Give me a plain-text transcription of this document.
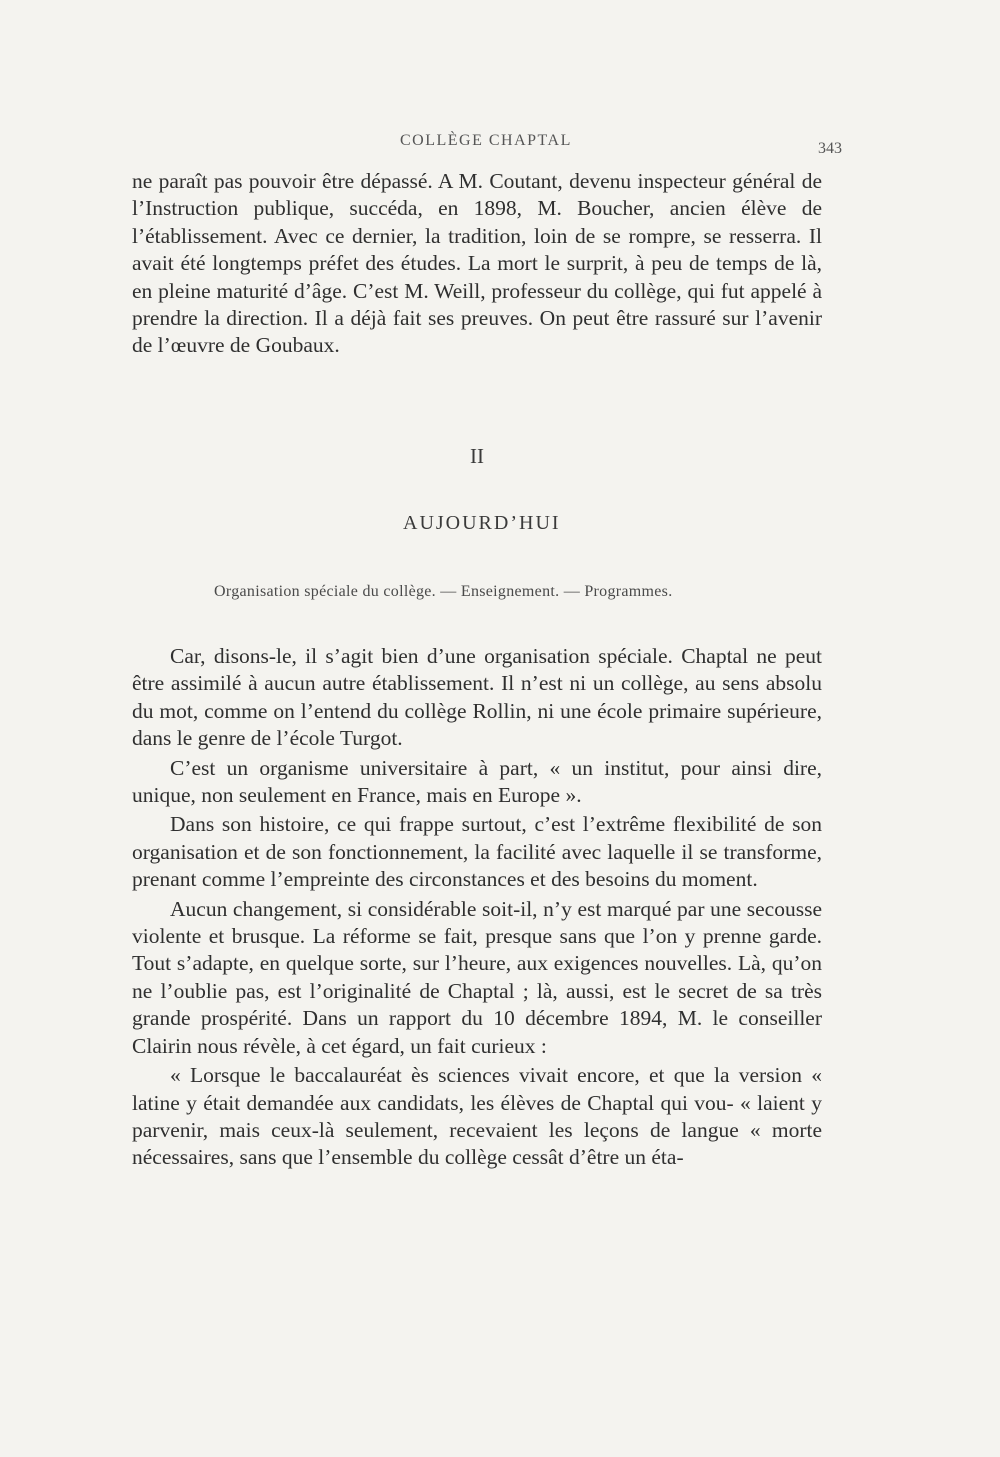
COLLÈGE CHAPTAL	343

ne paraît pas pouvoir être dépassé. A M. Coutant, devenu inspecteur général de l’Instruction publique, succéda, en 1898, M. Boucher, ancien élève de l’établissement. Avec ce dernier, la tradition, loin de se rompre, se resserra. Il avait été longtemps préfet des études. La mort le surprit, à peu de temps de là, en pleine maturité d’âge. C’est M. Weill, professeur du collège, qui fut appelé à prendre la direction. Il a déjà fait ses preuves. On peut être rassuré sur l’avenir de l’œuvre de Goubaux.

II
AUJOURD’HUI
Organisation spéciale du collège. — Enseignement. — Programmes.

Car, disons-le, il s’agit bien d’une organisation spéciale. Chaptal ne peut être assimilé à aucun autre établissement. Il n’est ni un collège, au sens absolu du mot, comme on l’entend du collège Rollin, ni une école primaire supérieure, dans le genre de l’école Turgot.

C’est un organisme universitaire à part, « un institut, pour ainsi dire, unique, non seulement en France, mais en Europe ».

Dans son histoire, ce qui frappe surtout, c’est l’extrême flexibilité de son organisation et de son fonctionnement, la facilité avec laquelle il se transforme, prenant comme l’empreinte des circonstances et des besoins du moment.

Aucun changement, si considérable soit-il, n’y est marqué par une secousse violente et brusque. La réforme se fait, presque sans que l’on y prenne garde. Tout s’adapte, en quelque sorte, sur l’heure, aux exigences nouvelles. Là, qu’on ne l’oublie pas, est l’originalité de Chaptal ; là, aussi, est le secret de sa très grande prospérité. Dans un rapport du 10 décembre 1894, M. le conseiller Clairin nous révèle, à cet égard, un fait curieux :

« Lorsque le baccalauréat ès sciences vivait encore, et que la version « latine y était demandée aux candidats, les élèves de Chaptal qui vou- « laient y parvenir, mais ceux-là seulement, recevaient les leçons de langue « morte nécessaires, sans que l’ensemble du collège cessât d’être un éta-
